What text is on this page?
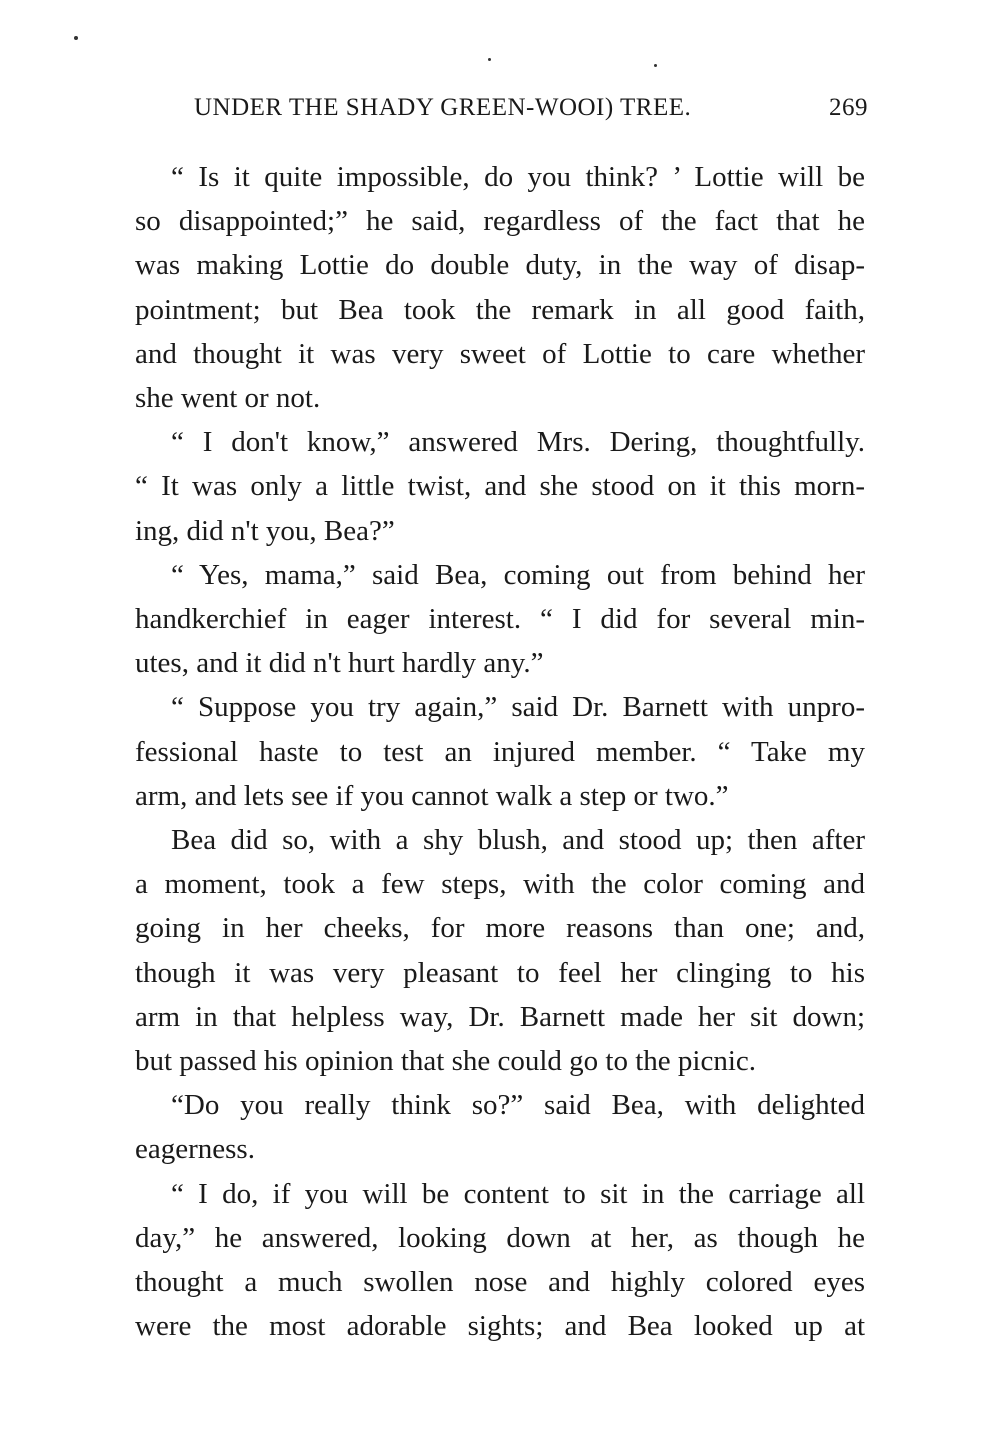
UNDER THE SHADY GREEN-WOOI) TREE.	269

“ Is it quite impossible, do you think? ’ Lottie will be
so disappointed;” he said, regardless of the fact that he
was making Lottie do double duty, in the way of disap-
pointment; but Bea took the remark in all good faith,
and thought it was very sweet of Lottie to care whether
she went or not.

“ I don't know,” answered Mrs. Dering, thoughtfully.
“ It was only a little twist, and she stood on it this morn-
ing, did n't you, Bea?”

“ Yes, mama,” said Bea, coming out from behind her
handkerchief in eager interest. “ I did for several min-
utes, and it did n't hurt hardly any.”

“ Suppose you try again,” said Dr. Barnett with unpro-
fessional haste to test an injured member. “ Take my
arm, and lets see if you cannot walk a step or two.”

Bea did so, with a shy blush, and stood up; then after
a moment, took a few steps, with the color coming and
going in her cheeks, for more reasons than one; and,
though it was very pleasant to feel her clinging to his
arm in that helpless way, Dr. Barnett made her sit down;
but passed his opinion that she could go to the picnic.

“Do you really think so?” said Bea, with delighted
eagerness.

“ I do, if you will be content to sit in the carriage all
day,” he answered, looking down at her, as though he
thought a much swollen nose and highly colored eyes
were the most adorable sights; and Bea looked up at
